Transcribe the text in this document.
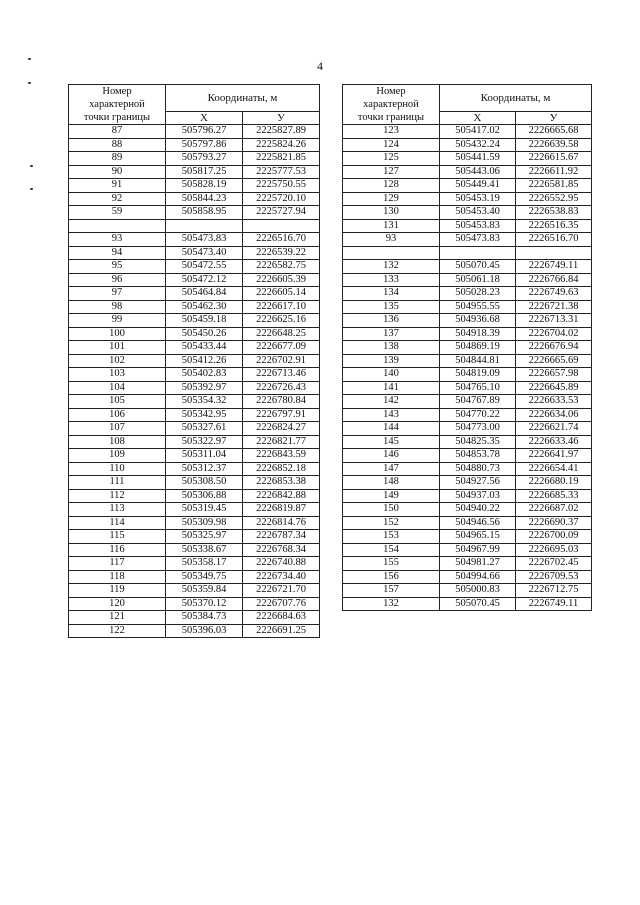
4
Номер
характерной
точки границы	Координаты, м	
	X	У
87	505796.27	2225827.89
88	505797.86	2225824.26
89	505793.27	2225821.85
90	505817.25	2225777.53
91	505828.19	2225750.55
92	505844.23	2225720.10
59	505858.95	2225727.94

93	505473.83	2226516.70
94	505473.40	2226539.22
95	505472.55	2226582.75
96	505472.12	2226605.39
97	505464.84	2226605.14
98	505462.30	2226617.10
99	505459.18	2226625.16
100	505450.26	2226648.25
101	505433.44	2226677.09
102	505412.26	2226702.91
103	505402.83	2226713.46
104	505392.97	2226726.43
105	505354.32	2226780.84
106	505342.95	2226797.91
107	505327.61	2226824.27
108	505322.97	2226821.77
109	505311.04	2226843.59
110	505312.37	2226852.18
111	505308.50	2226853.38
112	505306.88	2226842.88
113	505319.45	2226819.87
114	505309.98	2226814.76
115	505325.97	2226787.34
116	505338.67	2226768.34
117	505358.17	2226740.88
118	505349.75	2226734.40
119	505359.84	2226721.70
120	505370.12	2226707.76
121	505384.73	2226684.63
122	505396.03	2226691.25
Номер
характерной
точки границы	Координаты, м	
	X	У
123	505417.02	2226665.68
124	505432.24	2226639.58
125	505441.59	2226615.67
127	505443.06	2226611.92
128	505449.41	2226581.85
129	505453.19	2226552.95
130	505453.40	2226538.83
131	505453.83	2226516.35
93	505473.83	2226516.70

132	505070.45	2226749.11
133	505061.18	2226766.84
134	505028.23	2226749.63
135	504955.55	2226721.38
136	504936.68	2226713.31
137	504918.39	2226704.02
138	504869.19	2226676.94
139	504844.81	2226665.69
140	504819.09	2226657.98
141	504765.10	2226645.89
142	504767.89	2226633.53
143	504770.22	2226634.06
144	504773.00	2226621.74
145	504825.35	2226633.46
146	504853.78	2226641.97
147	504880.73	2226654.41
148	504927.56	2226680.19
149	504937.03	2226685.33
150	504940.22	2226687.02
152	504946.56	2226690.37
153	504965.15	2226700.09
154	504967.99	2226695.03
155	504981.27	2226702.45
156	504994.66	2226709.53
157	505000.83	2226712.75
132	505070.45	2226749.11
